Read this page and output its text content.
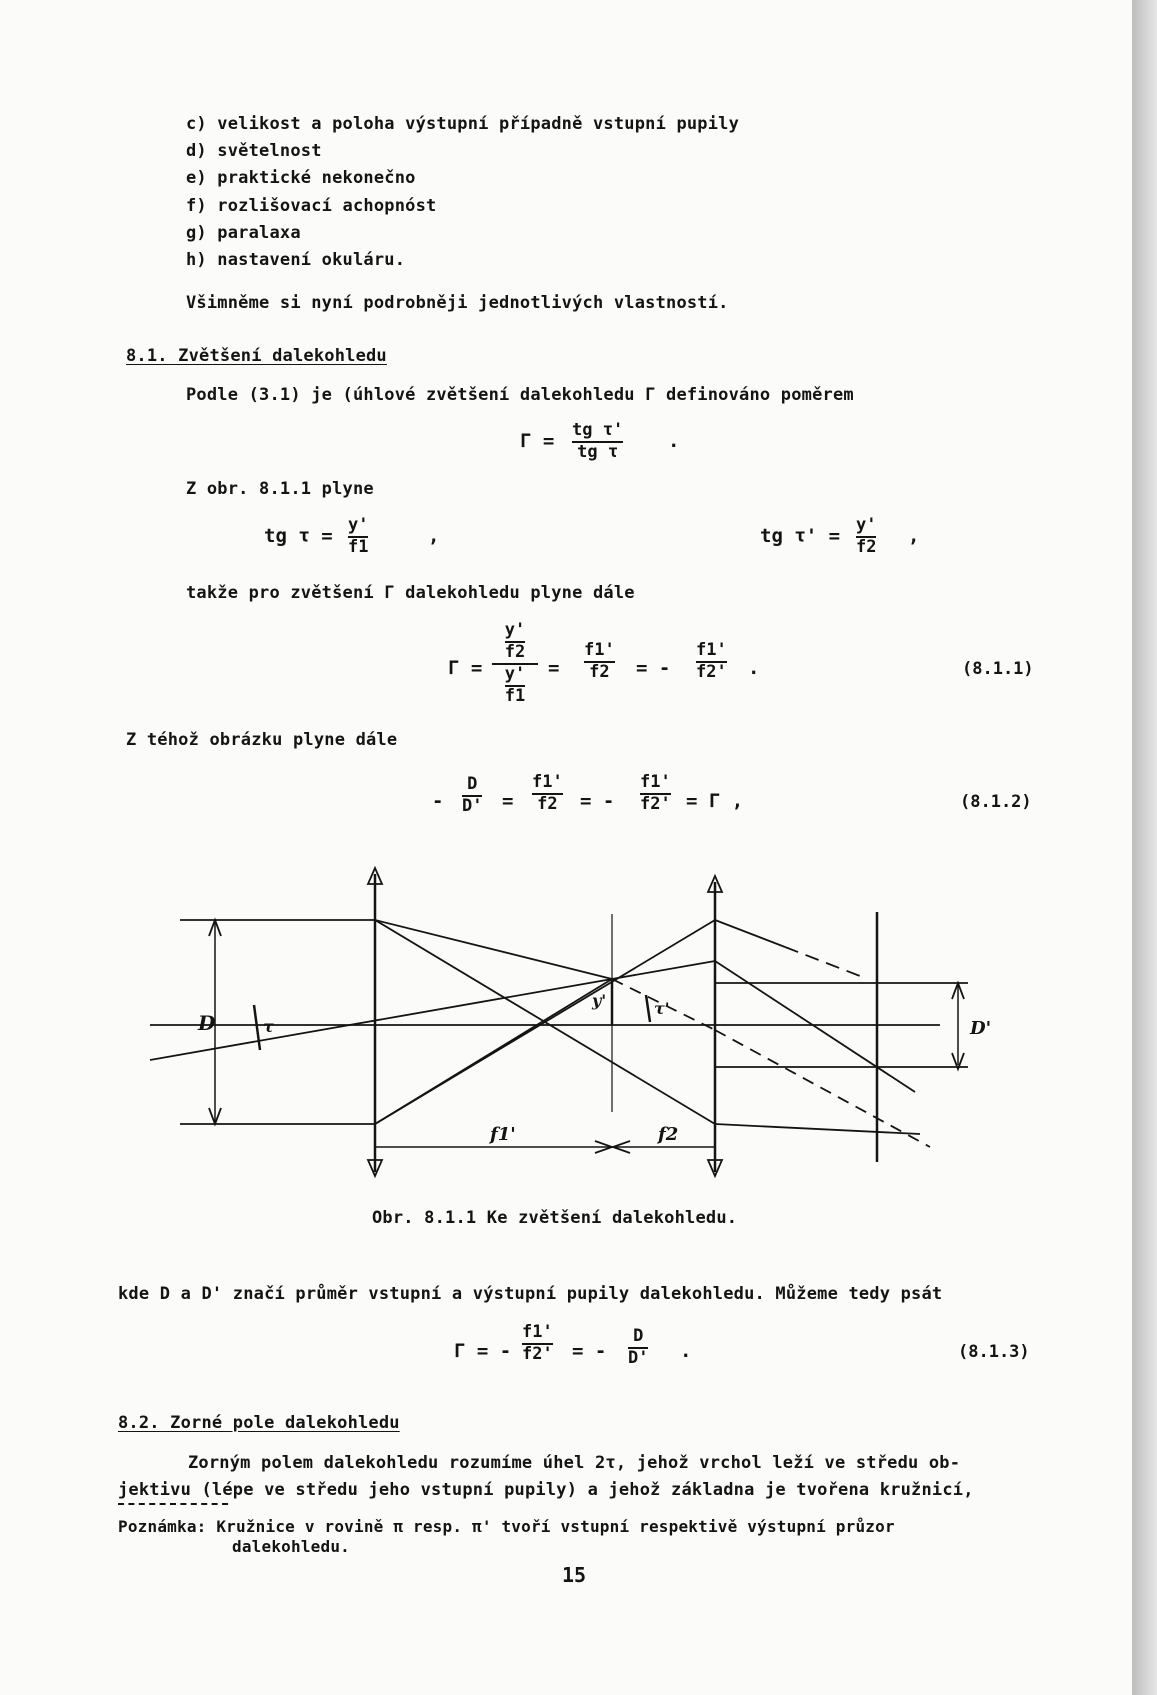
c) velikost a poloha výstupní případně vstupní pupily
d) světelnost
e) praktické nekonečno
f) rozlišovací achopnóst
g) paralaxa
h) nastavení okuláru.
Všimněme si nyní podrobněji jednotlivých vlastností.
8.1. Zvětšení dalekohledu
Podle (3.1) je (úhlové zvětšení dalekohledu Γ definováno poměrem
Γ = tg τ'
tg τ	.
Z obr. 8.1.1 plyne
tg τ = y'
f1	,	tg τ' = y'
f2 ,
takže pro zvětšení Γ dalekohledu plyne dále
Γ =
$\frac{y'}{f2}$
$\frac{y'}{f1}$ =
f1'
f2 = -
f1'
f2' .	(8.1.1)
Z téhož obrázku plyne dále
-
D
D' =
f1'
f2 = -
f1'
f2' = Γ ,	(8.1.2)
D	τ
y'	τ'
f1'	f2
D'
Obr. 8.1.1 Ke zvětšení dalekohledu.
kde D a D' značí průměr vstupní a výstupní pupily dalekohledu. Můžeme tedy psát
Γ = -
f1'
f2' = -
D
D' .	(8.1.3)
8.2. Zorné pole dalekohledu
Zorným polem dalekohledu rozumíme úhel 2τ, jehož vrchol leží ve středu ob-
jektivu (lépe ve středu jeho vstupní pupily) a jehož základna je tvořena kružnicí,
Poznámka: Kružnice v rovině π resp. π' tvoří vstupní respektivě výstupní průzor
dalekohledu.
15
